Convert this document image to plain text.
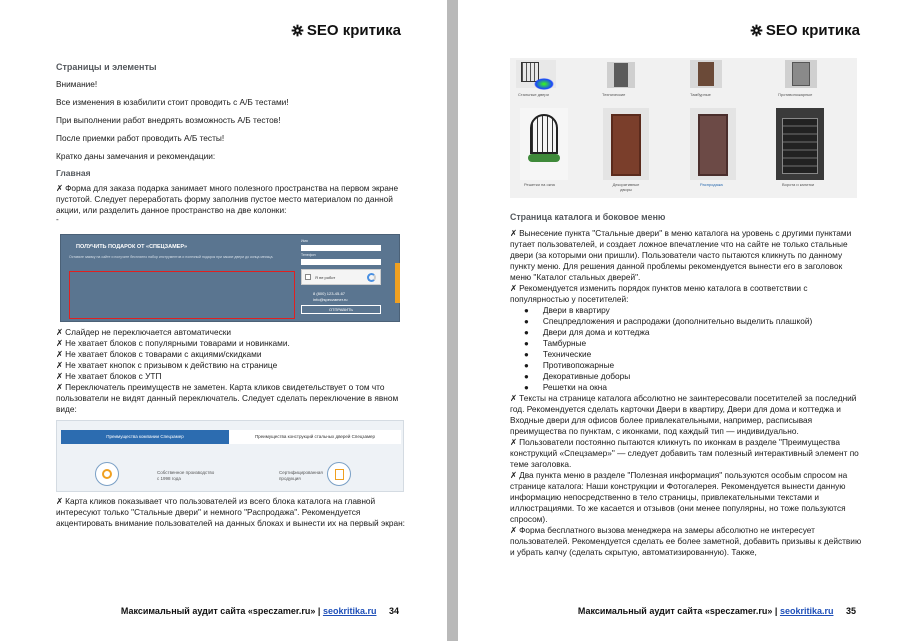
SEO критика
Страницы и элементы
Внимание!
Все изменения в юзабилити стоит проводить с А/Б тестами!
При выполнении работ внедрять возможность А/Б тестов!
После приемки работ проводить А/Б тесты!
Кратко даны замечания и рекомендации:
Главная
✗ Форма для заказа подарка занимает много полезного пространства на первом экране пустотой. Следует переработать форму заполнив пустое место материалом по данной акции, или разделить данное пространство на две колонки:
-
ПОЛУЧИТЬ ПОДАРОК ОТ «СПЕЦЗАМЕР»
Оставьте заявку на сайте и получите бесплатно набор инструментов и полезный подарок при заказе двери до конца месяца.
Имя
Телефон
Я не робот
8 (800) 123-45-67
info@speczamer.ru
ОТПРАВИТЬ
✗ Слайдер не переключается автоматически
✗ Не хватает блоков с популярными товарами и новинками.
✗ Не хватает блоков с товарами с акциями/скидками
✗ Не хватает кнопок с призывом к действию на странице
✗ Не хватает блоков с УТП
✗ Переключатель преимуществ не заметен. Карта кликов свидетельствует о том что пользователи не видят данный переключатель. Следует сделать переключение в явном виде:
Преимущества компании Спецзамер	Преимущества конструкций стальных дверей Спецзамер
Собственное производство с 1998 года
Сертифицированная продукция
✗ Карта кликов показывает что пользователей из всего блока каталога на главной интересуют только "Стальные двери" и немного "Распродажа". Рекомендуется акцентировать внимание пользователей на данных блоках и вынести их на первый экран:
Максимальный аудит сайта «speczamer.ru» | seokritika.ru 34
SEO критика
Стальные двери	Технические	Тамбурные	Противопожарные
Решетки на окна	Декоративные дворы
Распродажа	Ворота и калитки
Страница каталога и боковое меню
✗ Вынесение пункта "Стальные двери" в меню каталога на уровень с другими пунктами путает пользователей, и создает ложное впечатление что на сайте не только стальные двери (за которыми они пришли). Пользователи часто пытаются кликнуть по данному пункту меню. Для решения данной проблемы рекомендуется вынести его в заголовок меню "Каталог стальных дверей".
✗ Рекомендуется изменить порядок пунктов меню каталога в соответствии с популярностью у посетителей:
● Двери в квартиру
● Спецпредложения и распродажи (дополнительно выделить плашкой)
● Двери для дома и коттеджа
● Тамбурные
● Технические
● Противопожарные
● Декоративные доборы
● Решетки на окна
✗ Тексты на странице каталога абсолютно не заинтересовали посетителей за последний год. Рекомендуется сделать карточки Двери в квартиру, Двери для дома и коттеджа и Входные двери для офисов более привлекательными, например, расписывая преимущества по пунктам, с иконками, под каждый тип — индивидуально.
✗ Пользователи постоянно пытаются кликнуть по иконкам в разделе "Преимущества конструкций «Спецзамер»" — следует добавить там полезный интерактивный элемент по теме заголовка.
✗ Два пункта меню в разделе "Полезная информация" пользуются особым спросом на странице каталога: Наши конструкции и Фотогалерея. Рекомендуется вынести данную информацию непосредственно в тело страницы, привлекательными текстами и иллюстрациями. То же касается и отзывов (они менее популярны, но тоже пользуются спросом).
✗ Форма бесплатного вызова менеджера на замеры абсолютно не интересует пользователей. Рекомендуется сделать ее более заметной, добавить призывы к действию и убрать капчу (сделать скрытую, автоматизированную). Также,
Максимальный аудит сайта «speczamer.ru» | seokritika.ru 35
